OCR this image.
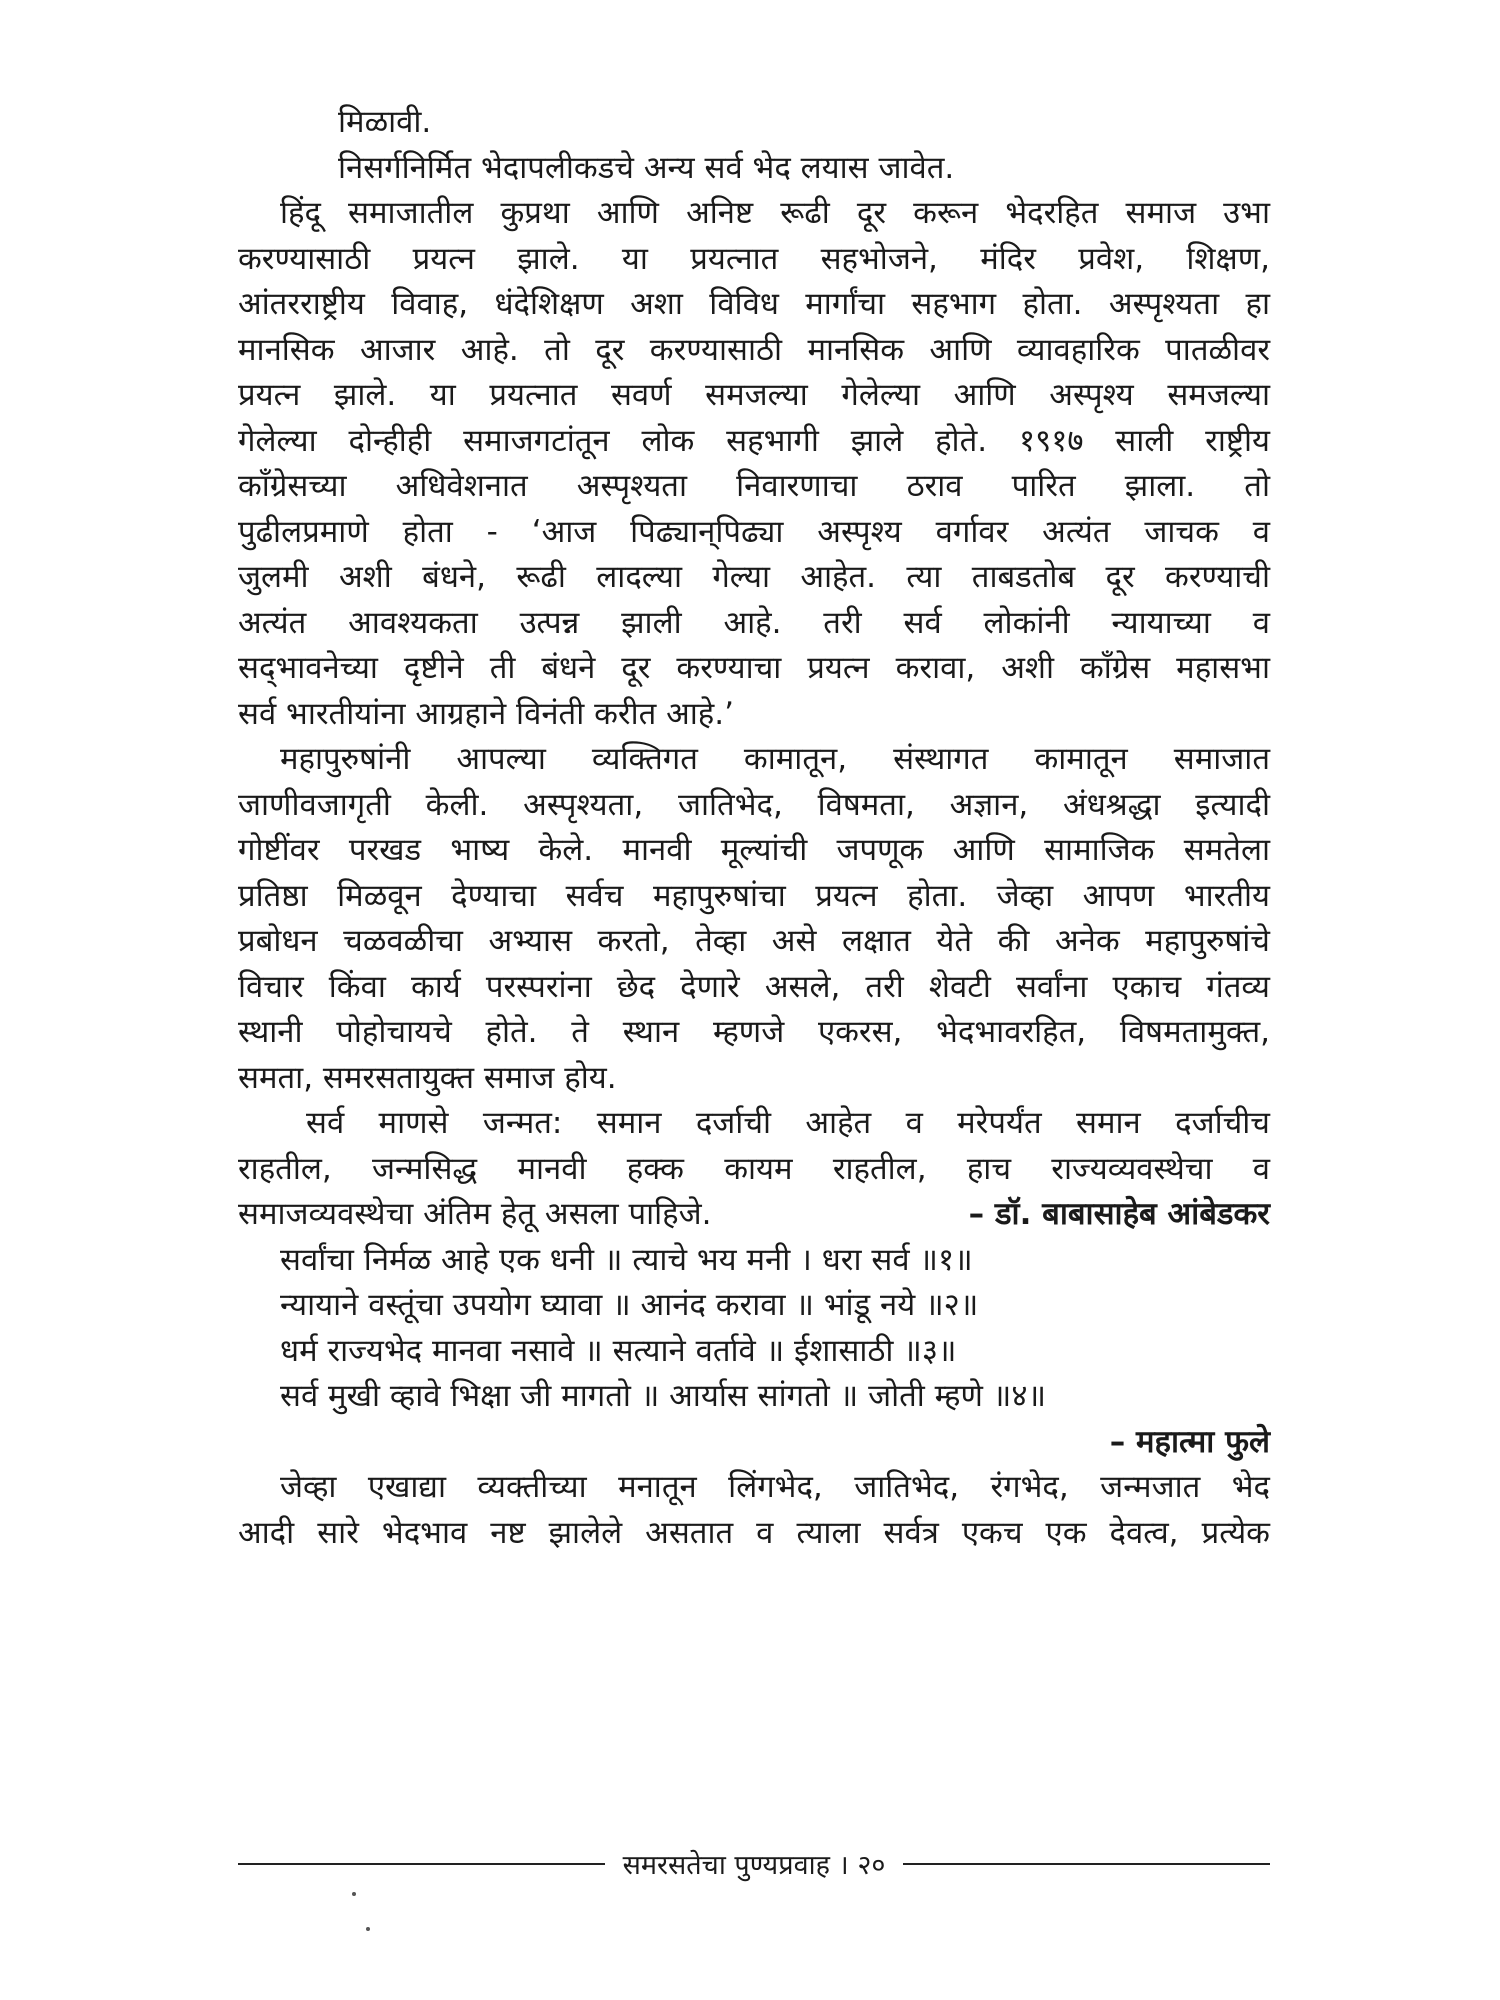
मिळावी.
निसर्गनिर्मित भेदापलीकडचे अन्य सर्व भेद लयास जावेत.
हिंदू समाजातील कुप्रथा आणि अनिष्ट रूढी दूर करून भेदरहित समाज उभा
करण्यासाठी प्रयत्न झाले. या प्रयत्नात सहभोजने, मंदिर प्रवेश, शिक्षण,
आंतरराष्ट्रीय विवाह, धंदेशिक्षण अशा विविध मार्गांचा सहभाग होता. अस्पृश्यता हा
मानसिक आजार आहे. तो दूर करण्यासाठी मानसिक आणि व्यावहारिक पातळीवर
प्रयत्न झाले. या प्रयत्नात सवर्ण समजल्या गेलेल्या आणि अस्पृश्य समजल्या
गेलेल्या दोन्हीही समाजगटांतून लोक सहभागी झाले होते. १९१७ साली राष्ट्रीय
काँग्रेसच्या अधिवेशनात अस्पृश्यता निवारणाचा ठराव पारित झाला. तो
पुढीलप्रमाणे होता - ‘आज पिढ्यान्‌पिढ्या अस्पृश्य वर्गावर अत्यंत जाचक व
जुलमी अशी बंधने, रूढी लादल्या गेल्या आहेत. त्या ताबडतोब दूर करण्याची
अत्यंत आवश्यकता उत्पन्न झाली आहे. तरी सर्व लोकांनी न्यायाच्या व
सद्‌भावनेच्या दृष्टीने ती बंधने दूर करण्याचा प्रयत्न करावा, अशी काँग्रेस महासभा
सर्व भारतीयांना आग्रहाने विनंती करीत आहे.’
महापुरुषांनी आपल्या व्यक्तिगत कामातून, संस्थागत कामातून समाजात
जाणीवजागृती केली. अस्पृश्यता, जातिभेद, विषमता, अज्ञान, अंधश्रद्धा इत्यादी
गोष्टींवर परखड भाष्य केले. मानवी मूल्यांची जपणूक आणि सामाजिक समतेला
प्रतिष्ठा मिळवून देण्याचा सर्वच महापुरुषांचा प्रयत्न होता. जेव्हा आपण भारतीय
प्रबोधन चळवळीचा अभ्यास करतो, तेव्हा असे लक्षात येते की अनेक महापुरुषांचे
विचार किंवा कार्य परस्परांना छेद देणारे असले, तरी शेवटी सर्वांना एकाच गंतव्य
स्थानी पोहोचायचे होते. ते स्थान म्हणजे एकरस, भेदभावरहित, विषमतामुक्त,
समता, समरसतायुक्त समाज होय.
सर्व माणसे जन्मत: समान दर्जाची आहेत व मरेपर्यंत समान दर्जाचीच
राहतील, जन्मसिद्ध मानवी हक्क कायम राहतील, हाच राज्यव्यवस्थेचा व
समाजव्यवस्थेचा अंतिम हेतू असला पाहिजे.	– डॉ. बाबासाहेब आंबेडकर
सर्वांचा निर्मळ आहे एक धनी ॥ त्याचे भय मनी । धरा सर्व ॥१॥
न्यायाने वस्तूंचा उपयोग घ्यावा ॥ आनंद करावा ॥ भांडू नये ॥२॥
धर्म राज्यभेद मानवा नसावे ॥ सत्याने वर्तावे ॥ ईशासाठी ॥३॥
सर्व मुखी व्हावे भिक्षा जी मागतो ॥ आर्यास सांगतो ॥ जोती म्हणे ॥४॥
– महात्मा फुले
जेव्हा एखाद्या व्यक्तीच्या मनातून लिंगभेद, जातिभेद, रंगभेद, जन्मजात भेद
आदी सारे भेदभाव नष्ट झालेले असतात व त्याला सर्वत्र एकच एक देवत्व, प्रत्येक
समरसतेचा पुण्यप्रवाह । २०
